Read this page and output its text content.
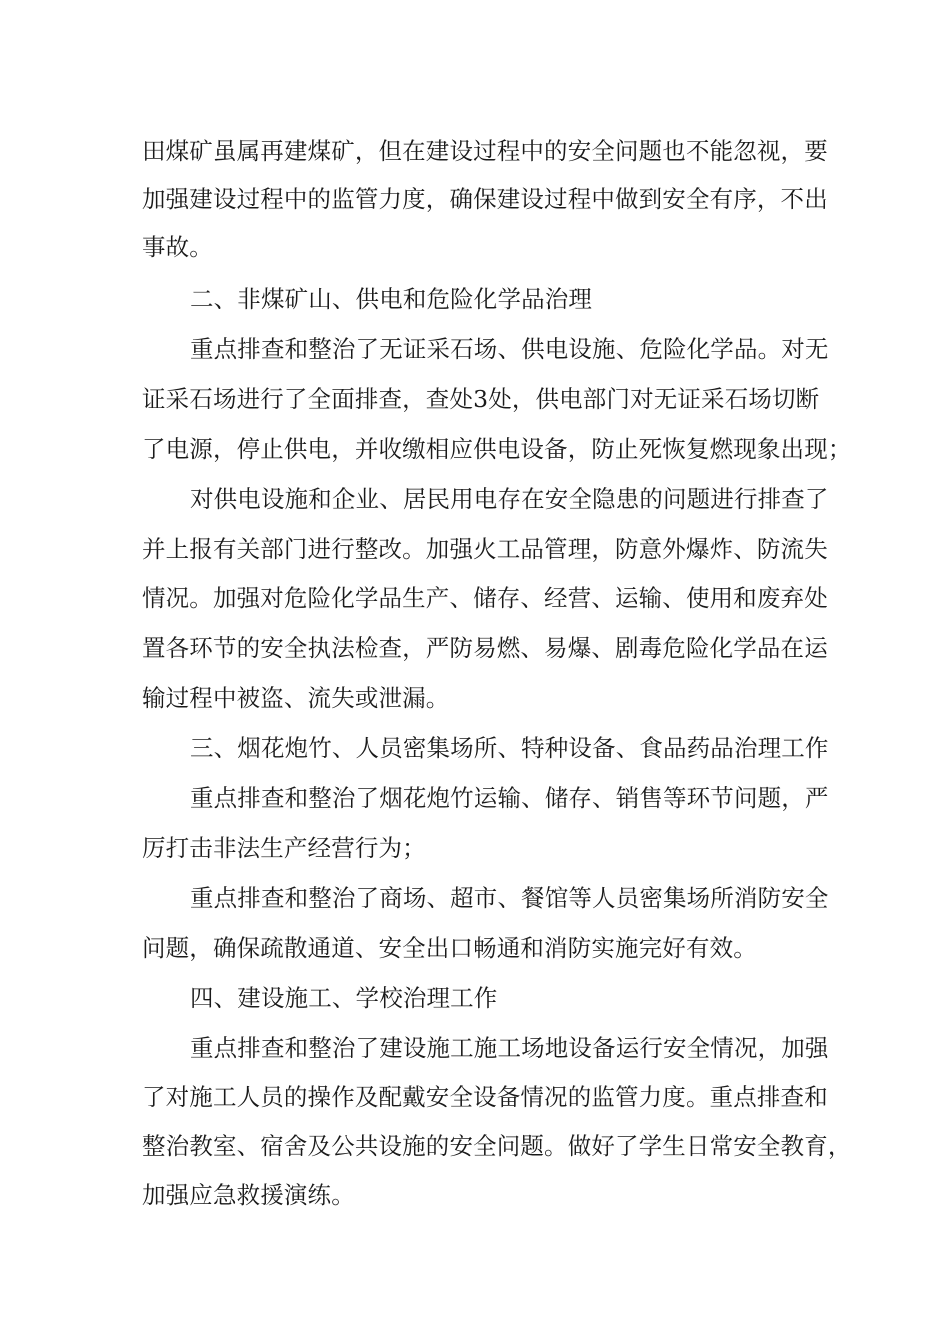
田煤矿虽属再建煤矿，但在建设过程中的安全问题也不能忽视，要

加强建设过程中的监管力度，确保建设过程中做到安全有序，不出

事故。

二、非煤矿山、供电和危险化学品治理

重点排查和整治了无证采石场、供电设施、危险化学品。对无

证采石场进行了全面排查，查处3处，供电部门对无证采石场切断

了电源，停止供电，并收缴相应供电设备，防止死恢复燃现象出现；

对供电设施和企业、居民用电存在安全隐患的问题进行排查了

并上报有关部门进行整改。加强火工品管理，防意外爆炸、防流失

情况。加强对危险化学品生产、储存、经营、运输、使用和废弃处

置各环节的安全执法检查，严防易燃、易爆、剧毒危险化学品在运

输过程中被盗、流失或泄漏。

三、烟花炮竹、人员密集场所、特种设备、食品药品治理工作

重点排查和整治了烟花炮竹运输、储存、销售等环节问题，严

厉打击非法生产经营行为；

重点排查和整治了商场、超市、餐馆等人员密集场所消防安全

问题，确保疏散通道、安全出口畅通和消防实施完好有效。

四、建设施工、学校治理工作

重点排查和整治了建设施工施工场地设备运行安全情况，加强

了对施工人员的操作及配戴安全设备情况的监管力度。重点排查和

整治教室、宿舍及公共设施的安全问题。做好了学生日常安全教育，

加强应急救援演练。
